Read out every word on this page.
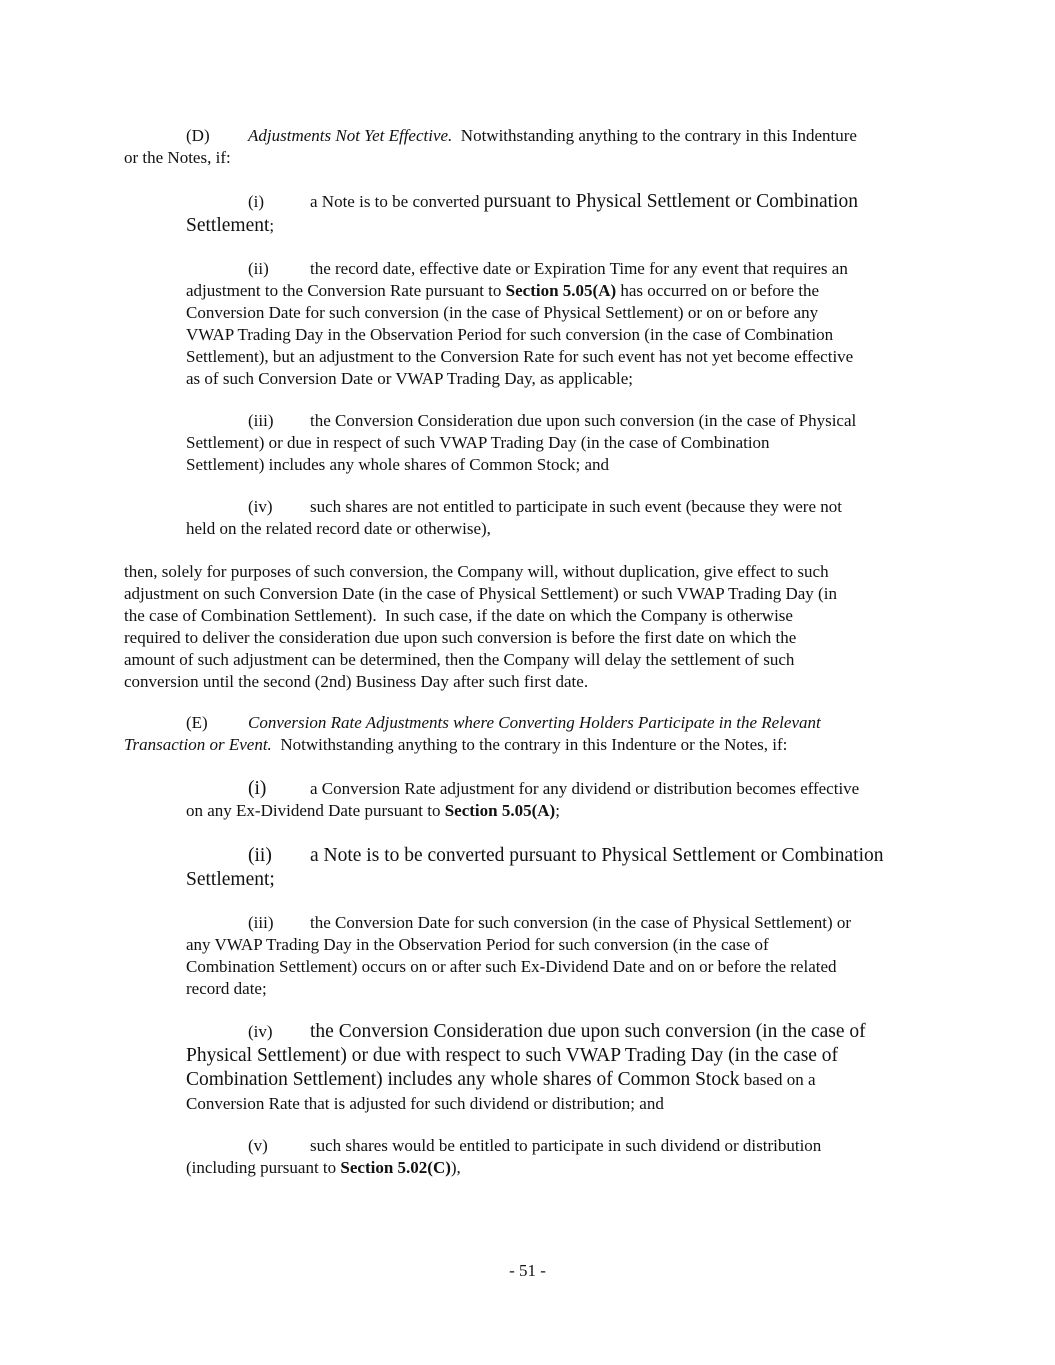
(D) Adjustments Not Yet Effective.  Notwithstanding anything to the contrary in this Indenture

or the Notes, if:

(i)	a Note is to be converted pursuant to Physical Settlement or Combination

Settlement;

(ii) the record date, effective date or Expiration Time for any event that requires an

adjustment to the Conversion Rate pursuant to Section 5.05(A) has occurred on or before the

Conversion Date for such conversion (in the case of Physical Settlement) or on or before any

VWAP Trading Day in the Observation Period for such conversion (in the case of Combination

Settlement), but an adjustment to the Conversion Rate for such event has not yet become effective

as of such Conversion Date or VWAP Trading Day, as applicable;

(iii) the Conversion Consideration due upon such conversion (in the case of Physical

Settlement) or due in respect of such VWAP Trading Day (in the case of Combination

Settlement) includes any whole shares of Common Stock; and

(iv) such shares are not entitled to participate in such event (because they were not

held on the related record date or otherwise),

then, solely for purposes of such conversion, the Company will, without duplication, give effect to such

adjustment on such Conversion Date (in the case of Physical Settlement) or such VWAP Trading Day (in

the case of Combination Settlement).  In such case, if the date on which the Company is otherwise

required to deliver the consideration due upon such conversion is before the first date on which the

amount of such adjustment can be determined, then the Company will delay the settlement of such

conversion until the second (2nd) Business Day after such first date.

(E) Conversion Rate Adjustments where Converting Holders Participate in the Relevant

Transaction or Event.  Notwithstanding anything to the contrary in this Indenture or the Notes, if:

(i)	a Conversion Rate adjustment for any dividend or distribution becomes effective

on any Ex-Dividend Date pursuant to Section 5.05(A);

(ii) a Note is to be converted pursuant to Physical Settlement or Combination

Settlement;

(iii) the Conversion Date for such conversion (in the case of Physical Settlement) or

any VWAP Trading Day in the Observation Period for such conversion (in the case of

Combination Settlement) occurs on or after such Ex-Dividend Date and on or before the related

record date;

(iv) the Conversion Consideration due upon such conversion (in the case of

Physical Settlement) or due with respect to such VWAP Trading Day (in the case of

Combination Settlement) includes any whole shares of Common Stock based on a

Conversion Rate that is adjusted for such dividend or distribution; and

(v) such shares would be entitled to participate in such dividend or distribution

(including pursuant to Section 5.02(C)),

- 51 -
